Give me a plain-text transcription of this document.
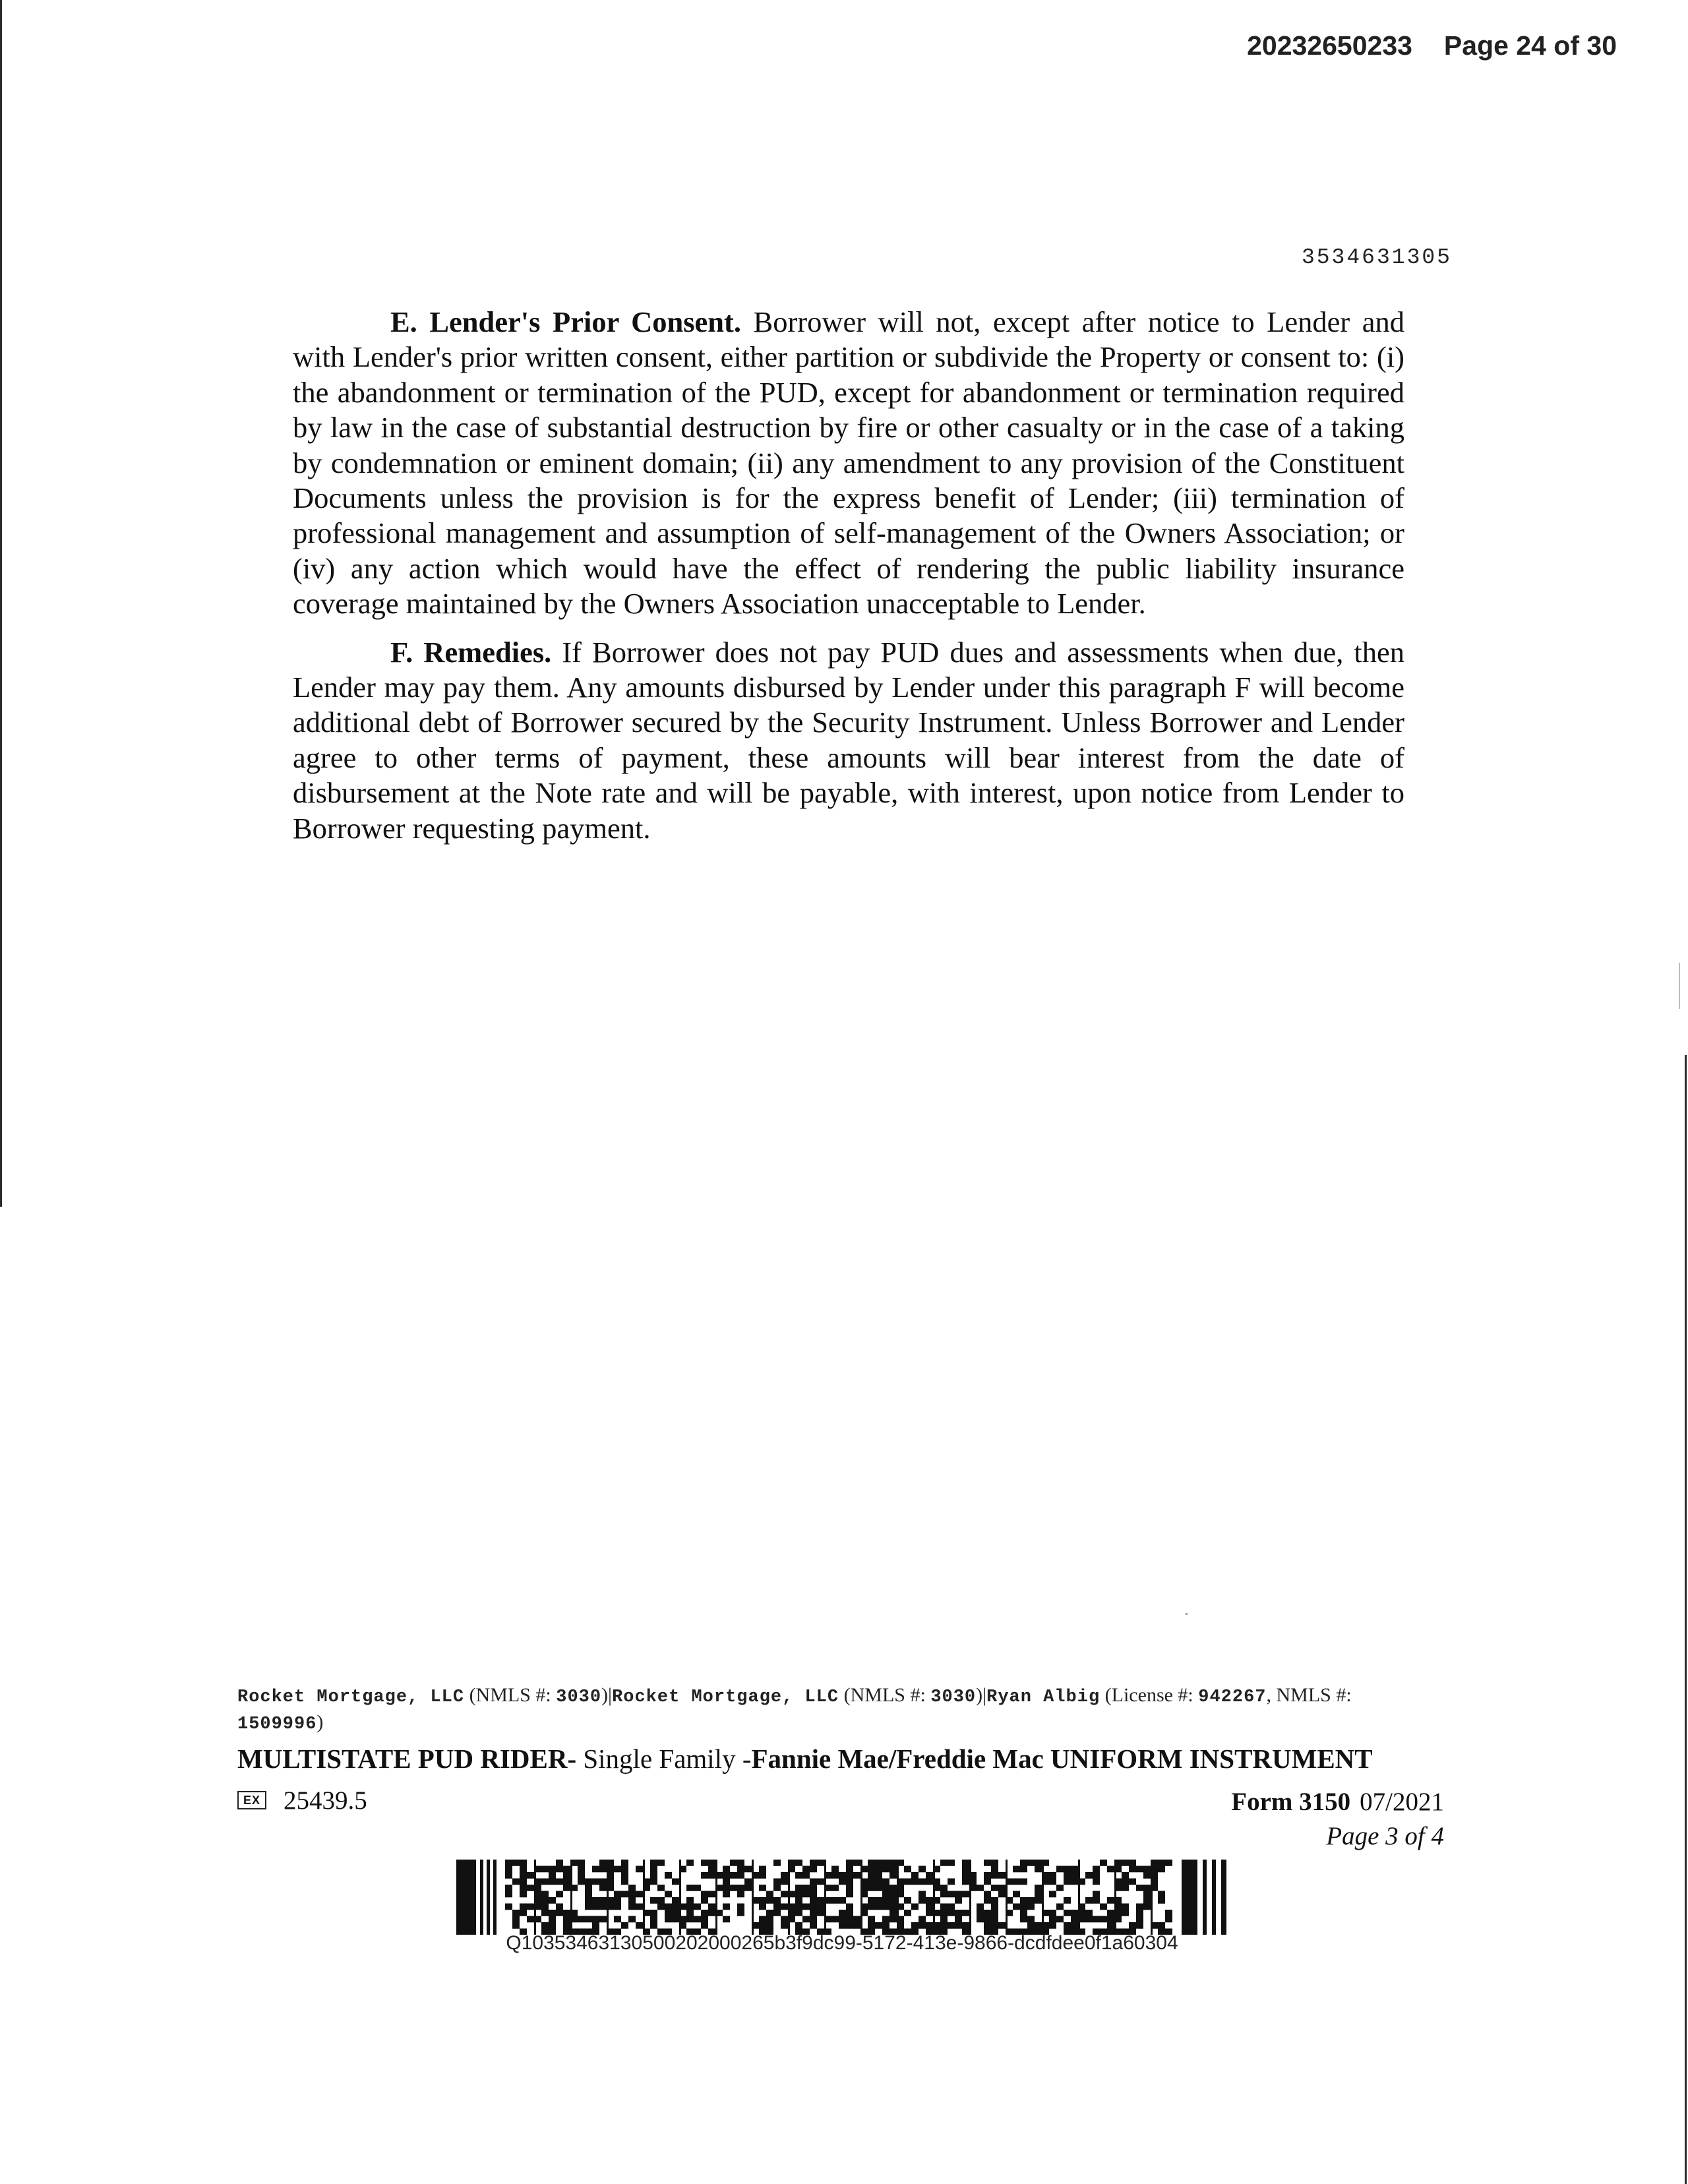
20232650233 Page 24 of 30
3534631305

E. Lender's Prior Consent. Borrower will not, except after notice to Lender and with Lender's prior written consent, either partition or subdivide the Property or consent to: (i) the abandonment or termination of the PUD, except for abandonment or termination required by law in the case of substantial destruction by fire or other casualty or in the case of a taking by condemnation or eminent domain; (ii) any amendment to any provision of the Constituent Documents unless the provision is for the express benefit of Lender; (iii) termination of professional management and assumption of self-management of the Owners Association; or (iv) any action which would have the effect of rendering the public liability insurance coverage maintained by the Owners Association unacceptable to Lender.

F. Remedies. If Borrower does not pay PUD dues and assessments when due, then Lender may pay them. Any amounts disbursed by Lender under this paragraph F will become additional debt of Borrower secured by the Security Instrument. Unless Borrower and Lender agree to other terms of payment, these amounts will bear interest from the date of disbursement at the Note rate and will be payable, with interest, upon notice from Lender to Borrower requesting payment.

Rocket Mortgage, LLC (NMLS #: 3030)|Rocket Mortgage, LLC (NMLS #: 3030)|Ryan Albig (License #: 942267, NMLS #: 1509996)
MULTISTATE PUD RIDER- Single Family -Fannie Mae/Freddie Mac UNIFORM INSTRUMENT
EX 25439.5	Form 3150 07/2021
Page 3 of 4
Q10353463130500202000265b3f9dc99-5172-413e-9866-dcdfdee0f1a60304
